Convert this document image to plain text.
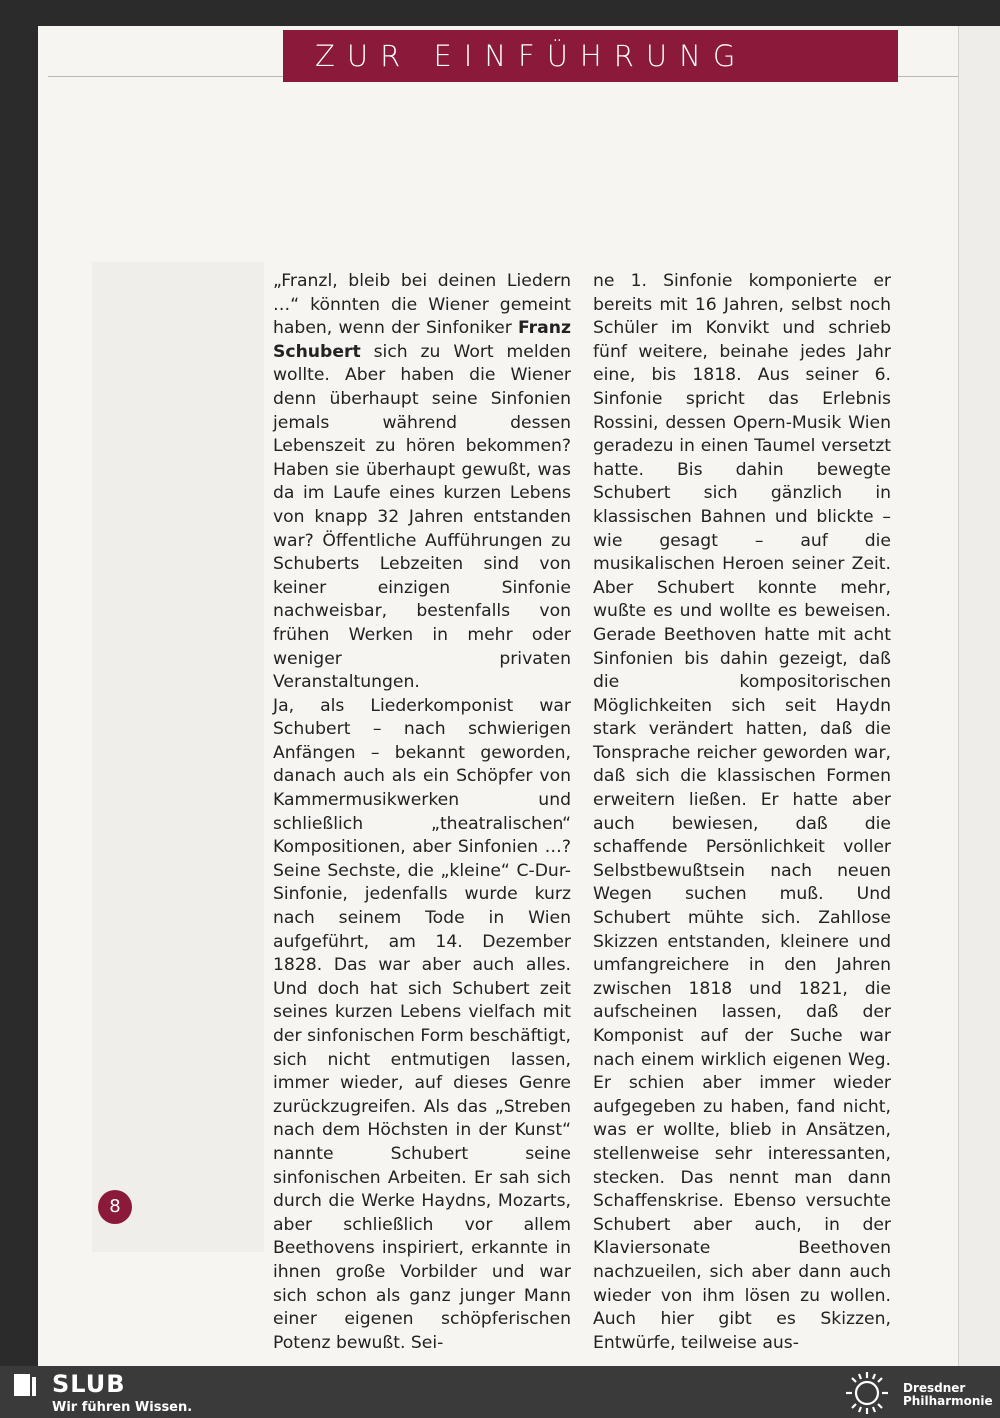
ZUR EINFÜHRUNG

„Franzl, bleib bei deinen Liedern …“ könnten die Wiener gemeint haben, wenn der Sinfoniker Franz Schubert sich zu Wort melden wollte. Aber haben die Wiener denn überhaupt seine Sinfonien jemals während dessen Lebenszeit zu hören bekommen? Haben sie überhaupt gewußt, was da im Laufe eines kurzen Lebens von knapp 32 Jahren entstanden war? Öffentliche Aufführungen zu Schuberts Lebzeiten sind von keiner einzigen Sinfonie nachweisbar, bestenfalls von frühen Werken in mehr oder weniger privaten Veranstaltungen.

Ja, als Liederkomponist war Schubert – nach schwierigen Anfängen – bekannt geworden, danach auch als ein Schöpfer von Kammermusikwerken und schließlich „theatralischen“ Kompositionen, aber Sinfonien …? Seine Sechste, die „kleine“ C-Dur-Sinfonie, jedenfalls wurde kurz nach seinem Tode in Wien aufgeführt, am 14. Dezember 1828. Das war aber auch alles. Und doch hat sich Schubert zeit seines kurzen Lebens vielfach mit der sinfonischen Form beschäftigt, sich nicht entmutigen lassen, immer wieder, auf dieses Genre zurückzugreifen. Als das „Streben nach dem Höchsten in der Kunst“ nannte Schubert seine sinfonischen Arbeiten. Er sah sich durch die Werke Haydns, Mozarts, aber schließlich vor allem Beethovens inspiriert, erkannte in ihnen große Vorbilder und war sich schon als ganz junger Mann einer eigenen schöpferischen Potenz bewußt. Sei-

ne 1. Sinfonie komponierte er bereits mit 16 Jahren, selbst noch Schüler im Konvikt und schrieb fünf weitere, beinahe jedes Jahr eine, bis 1818. Aus seiner 6. Sinfonie spricht das Erlebnis Rossini, dessen Opern-Musik Wien geradezu in einen Taumel versetzt hatte. Bis dahin bewegte Schubert sich gänzlich in klassischen Bahnen und blickte – wie gesagt – auf die musikalischen Heroen seiner Zeit. Aber Schubert konnte mehr, wußte es und wollte es beweisen. Gerade Beethoven hatte mit acht Sinfonien bis dahin gezeigt, daß die kompositorischen Möglichkeiten sich seit Haydn stark verändert hatten, daß die Tonsprache reicher geworden war, daß sich die klassischen Formen erweitern ließen. Er hatte aber auch bewiesen, daß die schaffende Persönlichkeit voller Selbstbewußtsein nach neuen Wegen suchen muß. Und Schubert mühte sich. Zahllose Skizzen entstanden, kleinere und umfangreichere in den Jahren zwischen 1818 und 1821, die aufscheinen lassen, daß der Komponist auf der Suche war nach einem wirklich eigenen Weg. Er schien aber immer wieder aufgegeben zu haben, fand nicht, was er wollte, blieb in Ansätzen, stellenweise sehr interessanten, stecken. Das nennt man dann Schaffenskrise. Ebenso versuchte Schubert aber auch, in der Klaviersonate Beethoven nachzueilen, sich aber dann auch wieder von ihm lösen zu wollen. Auch hier gibt es Skizzen, Entwürfe, teilweise aus-

8
SLUB
Wir führen Wissen.
Dresdner
Philharmonie
